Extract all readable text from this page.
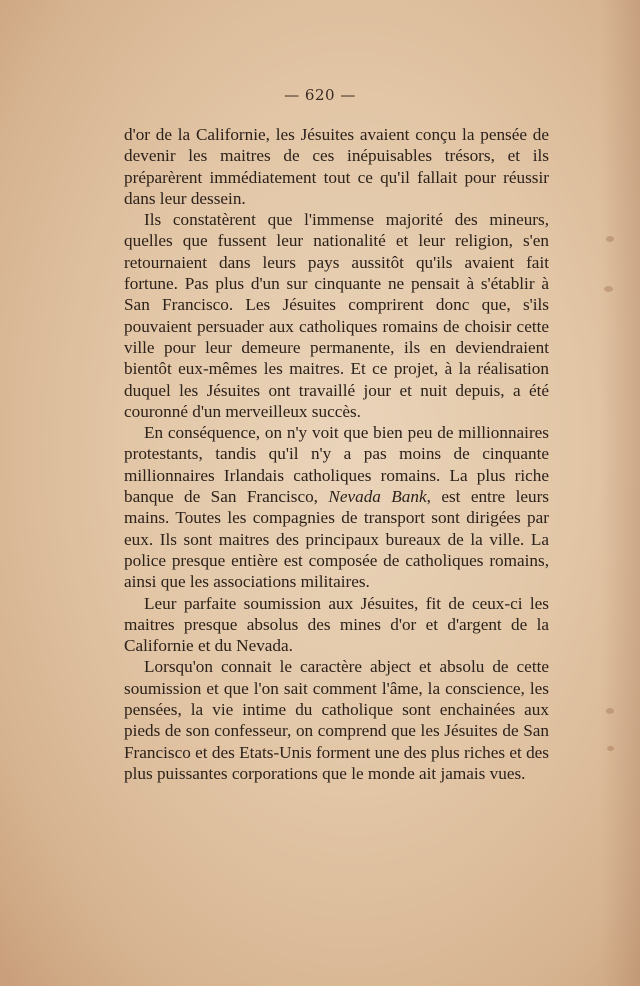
— 620 —

d'or de la Californie, les Jésuites avaient conçu la pensée de devenir les maitres de ces inépuisables trésors, et ils préparèrent immédiatement tout ce qu'il fallait pour réussir dans leur dessein.

Ils constatèrent que l'immense majorité des mineurs, quelles que fussent leur nationalité et leur religion, s'en retournaient dans leurs pays aussitôt qu'ils avaient fait fortune. Pas plus d'un sur cinquante ne pensait à s'établir à San Francisco. Les Jésuites comprirent donc que, s'ils pouvaient persuader aux catholiques romains de choisir cette ville pour leur demeure permanente, ils en deviendraient bientôt eux-mêmes les maitres. Et ce projet, à la réalisation duquel les Jésuites ont travaillé jour et nuit depuis, a été couronné d'un merveilleux succès.

En conséquence, on n'y voit que bien peu de millionnaires protestants, tandis qu'il n'y a pas moins de cinquante millionnaires Irlandais catholiques romains. La plus riche banque de San Francisco, Nevada Bank, est entre leurs mains. Toutes les compagnies de transport sont dirigées par eux. Ils sont maitres des principaux bureaux de la ville. La police presque entière est composée de catholiques romains, ainsi que les associations militaires.

Leur parfaite soumission aux Jésuites, fit de ceux-ci les maitres presque absolus des mines d'or et d'argent de la Californie et du Nevada.

Lorsqu'on connait le caractère abject et absolu de cette soumission et que l'on sait comment l'âme, la conscience, les pensées, la vie intime du catholique sont enchainées aux pieds de son confesseur, on comprend que les Jésuites de San Francisco et des Etats-Unis forment une des plus riches et des plus puissantes corporations que le monde ait jamais vues.
